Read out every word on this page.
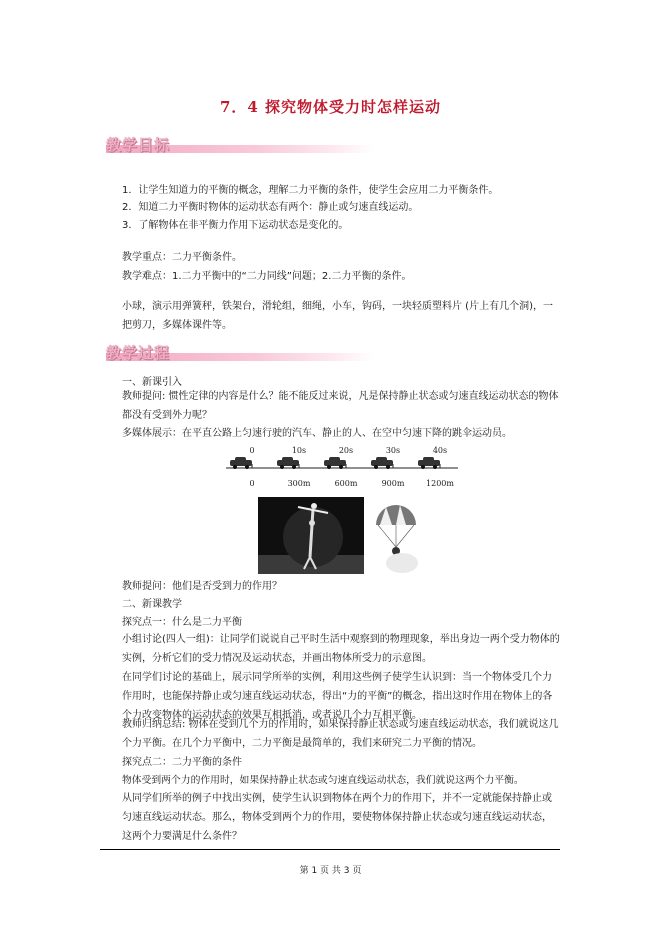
7．4 探究物体受力时怎样运动
教学目标
1．让学生知道力的平衡的概念，理解二力平衡的条件，使学生会应用二力平衡条件。
2．知道二力平衡时物体的运动状态有两个：静止或匀速直线运动。
3．了解物体在非平衡力作用下运动状态是变化的。
教学重点：二力平衡条件。
教学难点：1.二力平衡中的“二力同线”问题；2.二力平衡的条件。
小球，演示用弹簧秤，铁架台，滑轮组，细绳，小车，钩码，一块轻质塑料片 (片上有几个洞)，一把剪刀，多媒体课件等。
教学过程
一、新课引入
教师提问: 惯性定律的内容是什么？能不能反过来说，凡是保持静止状态或匀速直线运动状态的物体都没有受到外力呢？
多媒体展示：在平直公路上匀速行驶的汽车、静止的人、在空中匀速下降的跳伞运动员。
0	10s	20s	30s	40s
0	300m	600m	900m	1200m
教师提问：他们是否受到力的作用？
二、新课教学
探究点一：什么是二力平衡
小组讨论(四人一组)：让同学们说说自己平时生活中观察到的物理现象，举出身边一两个受力物体的实例，分析它们的受力情况及运动状态，并画出物体所受力的示意图。
在同学们讨论的基础上，展示同学所举的实例，利用这些例子使学生认识到：当一个物体受几个力作用时，也能保持静止或匀速直线运动状态，得出“力的平衡”的概念，指出这时作用在物体上的各个力改变物体的运动状态的效果互相抵消，或者说几个力互相平衡。
教师归纳总结: 物体在受到几个力的作用时，如果保持静止状态或匀速直线运动状态，我们就说这几个力平衡。在几个力平衡中，二力平衡是最简单的，我们来研究二力平衡的情况。
探究点二：二力平衡的条件
物体受到两个力的作用时，如果保持静止状态或匀速直线运动状态，我们就说这两个力平衡。
从同学们所举的例子中找出实例，使学生认识到物体在两个力的作用下，并不一定就能保持静止或匀速直线运动状态。那么，物体受到两个力的作用，要使物体保持静止状态或匀速直线运动状态，这两个力要满足什么条件？
第 1 页 共 3 页
